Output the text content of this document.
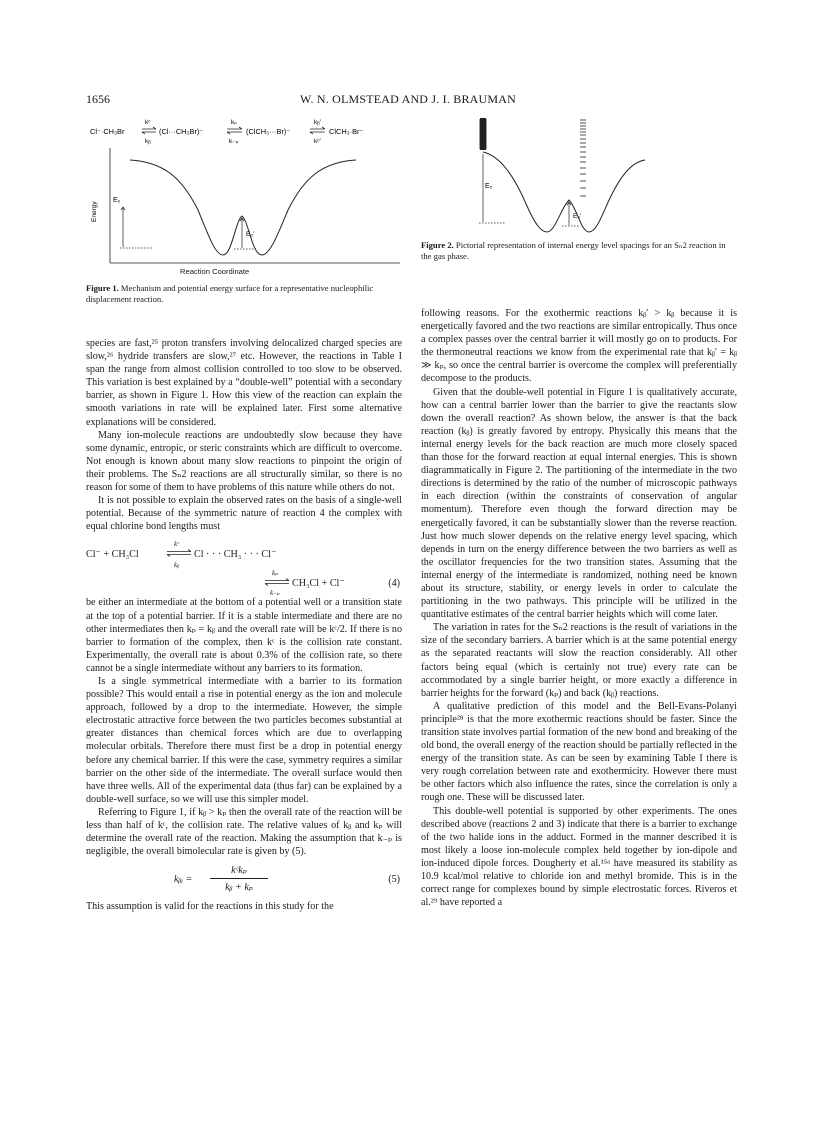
1656	W. N. OLMSTEAD AND J. I. BRAUMAN
Cl⁻·CH₃Br	(Cl···CH₃Br)⁻	(ClCH₃···Br)⁻	ClCH₃·Br⁻
kᶜ
kᵦ
kₚ
k₋ₚ
kᵦ′
kᶜ′
Energy
E₀
E₀′
Reaction Coordinate
Figure 1. Mechanism and potential energy surface for a representative nucleophilic displacement reaction.
E₀
E₀′
Figure 2. Pictorial representation of internal energy level spacings for an Sₙ2 reaction in the gas phase.

species are fast,²⁵ proton transfers involving delocalized charged species are slow,²⁶ hydride transfers are slow,²⁷ etc. However, the reactions in Table I span the range from almost collision controlled to too slow to be observed. This variation is best explained by a “double-well” potential with a secondary barrier, as shown in Figure 1. How this view of the reaction can explain the smooth variations in rate will be explained later. First some alternative explanations will be considered.

Many ion-molecule reactions are undoubtedly slow because they have some dynamic, entropic, or steric constraints which are difficult to overcome. Not enough is known about many slow reactions to pinpoint the origin of their problems. The Sₙ2 reactions are all structurally similar, so there is no reason for some of them to have problems of this nature while others do not.

It is not possible to explain the observed rates on the basis of a single-well potential. Because of the symmetric nature of reaction 4 the complex with equal chlorine bond lengths must

Cl⁻ + CH₃Cl
kᶜ
kᵦ
Cl · · · CH₃ · · · Cl⁻
kₚ
k₋ₚ
CH₃Cl + Cl⁻	(4)

be either an intermediate at the bottom of a potential well or a transition state at the top of a potential barrier. If it is a stable intermediate and there are no other intermediates then kₚ = kᵦ and the overall rate will be kᶜ/2. If there is no barrier to formation of the complex, then kᶜ is the collision rate constant. Experimentally, the overall rate is about 0.3% of the collision rate, so there cannot be a single intermediate without any barriers to its formation.

Is a single symmetrical intermediate with a barrier to its formation possible? This would entail a rise in potential energy as the ion and molecule approach, followed by a drop to the intermediate. However, the simple electrostatic attractive force between the two particles becomes substantial at greater distances than chemical forces which are due to overlapping molecular orbitals. Therefore there must first be a drop in potential energy before any chemical barrier. If this were the case, symmetry requires a similar barrier on the other side of the intermediate. The overall surface would then have three wells. All of the experimental data (thus far) can be explained by a double-well surface, so we will use this simpler model.

Referring to Figure 1, if kᵦ > kₚ then the overall rate of the reaction will be less than half of kᶜ, the collision rate. The relative values of kᵦ and kₚ will determine the overall rate of the reaction. Making the assumption that k₋ₚ is negligible, the overall bimolecular rate is given by (5).

kᵦᵢ =
kᶜkₚ
kᵦ + kₚ
(5)

This assumption is valid for the reactions in this study for the

following reasons. For the exothermic reactions kᵦ′ > kᵦ because it is energetically favored and the two reactions are similar entropically. Thus once a complex passes over the central barrier it will mostly go on to products. For the thermoneutral reactions we know from the experimental rate that kᵦ′ = kᵦ ≫ kₚ, so once the central barrier is overcome the complex will preferentially decompose to the products.

Given that the double-well potential in Figure 1 is qualitatively accurate, how can a central barrier lower than the barrier to give the reactants slow down the overall reaction? As shown below, the answer is that the back reaction (kᵦ) is greatly favored by entropy. Physically this means that the internal energy levels for the back reaction are much more closely spaced than those for the forward reaction at equal internal energies. This is shown diagrammatically in Figure 2. The partitioning of the intermediate in the two directions is determined by the ratio of the number of microscopic pathways in each direction (within the constraints of conservation of angular momentum). Therefore even though the forward direction may be energetically favored, it can be substantially slower than the reverse reaction. Just how much slower depends on the relative energy level spacing, which depends in turn on the energy difference between the two barriers as well as the oscillator frequencies for the two transition states. Assuming that the internal energy of the intermediate is randomized, nothing need be known about its structure, stability, or energy levels in order to calculate the partitioning in the two pathways. This principle will be utilized in the quantitative estimates of the central barrier heights which will come later.

The variation in rates for the Sₙ2 reactions is the result of variations in the size of the secondary barriers. A barrier which is at the same potential energy as the separated reactants will slow the reaction considerably. All other factors being equal (which is certainly not true) every rate can be accommodated by a single barrier height, or more exactly a difference in barrier heights for the forward (kₚ) and back (kᵦ) reactions.

A qualitative prediction of this model and the Bell-Evans-Polanyi principle²⁸ is that the more exothermic reactions should be faster. Since the transition state involves partial formation of the new bond and breaking of the old bond, the overall energy of the reaction should be partially reflected in the energy of the transition state. As can be seen by examining Table I there is very rough correlation between rate and exothermicity. However there must be other factors which also influence the rates, since the correlation is only a rough one. These will be discussed later.

This double-well potential is supported by other experiments. The ones described above (reactions 2 and 3) indicate that there is a barrier to exchange of the two halide ions in the adduct. Formed in the manner described it is most likely a loose ion-molecule complex held together by ion-dipole and ion-induced dipole forces. Dougherty et al.¹⁵ᵃ have measured its stability as 10.9 kcal/mol relative to chloride ion and methyl bromide. This is in the correct range for complexes bound by simple electrostatic forces. Riveros et al.²⁹ have reported a
